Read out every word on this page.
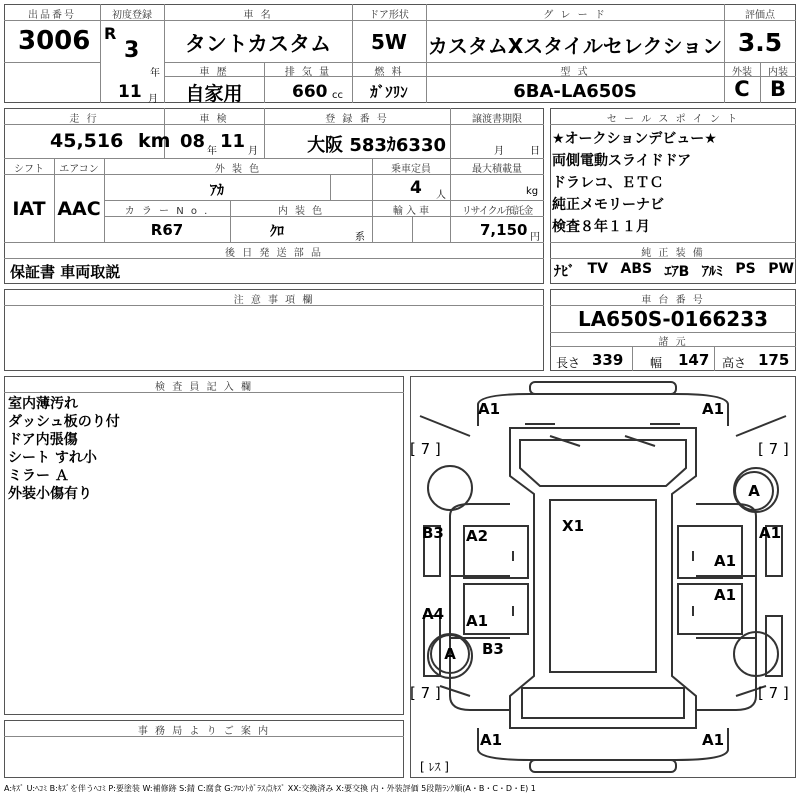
出品番号
3006
初度登録
R
3
年
11 月
車 名
タントカスタム
ドア形状
5W
グ レ ー ド
カスタムXスタイルセレクション
評価点
3.5
車 歴
自家用
排 気 量
660 cc
燃 料
ｶﾞｿﾘﾝ
型 式
6BA-LA650S
外装	内装
C B
走 行
45,516 km
車 検
08 年 11 月
登 録 番 号
大阪 583ｶ6330
譲渡書期限
月	日
シフト	エアコン
IAT AAC
外 装 色
ｱｶ
乗車定員
4 人
最大積載量
kg
カ ラ ー N o .
R67
内 装 色
ｸﾛ	系
輸 入 車	リサイクル預託金
7,150 円
後 日 発 送 部 品
保証書 車両取説
セ ー ル ス ポ イ ン ト
★オークションデビュー★
両側電動スライドドア
ドラレコ、ＥＴＣ
純正メモリーナビ
検査８年１１月
純 正 装 備
ﾅﾋﾞ TV ABS ｴｱB ｱﾙﾐ PS PW
注 意 事 項 欄	車 台 番 号
LA650S-0166233
諸 元
長さ 339 幅 147 高さ 175
検 査 員 記 入 欄
室内薄汚れ
ダッシュ板のり付
ドア内張傷
シート すれ小
ミラー Ａ
外装小傷有り
事 務 局 よ り ご 案 内
A1	A1
[ 7 ]	[ 7 ]
A
B3	A1
X1
A2
A1
A1
A4 A1
A	B3
[ 7 ]	[ 7 ]
A1	A1
[ ﾚｽ ]
A:ｷｽﾞ U:ﾍｺﾐ B:ｷｽﾞを伴うﾍｺﾐ P:要塗装 W:補修跡 S:錆 C:腐食 G:ﾌﾛﾝﾄｶﾞﾗｽ点ｷｽﾞ XX:交換済み X:要交換 内・外装評価 5段階ﾗﾝｸ順(A・B・C・D・E) 1
